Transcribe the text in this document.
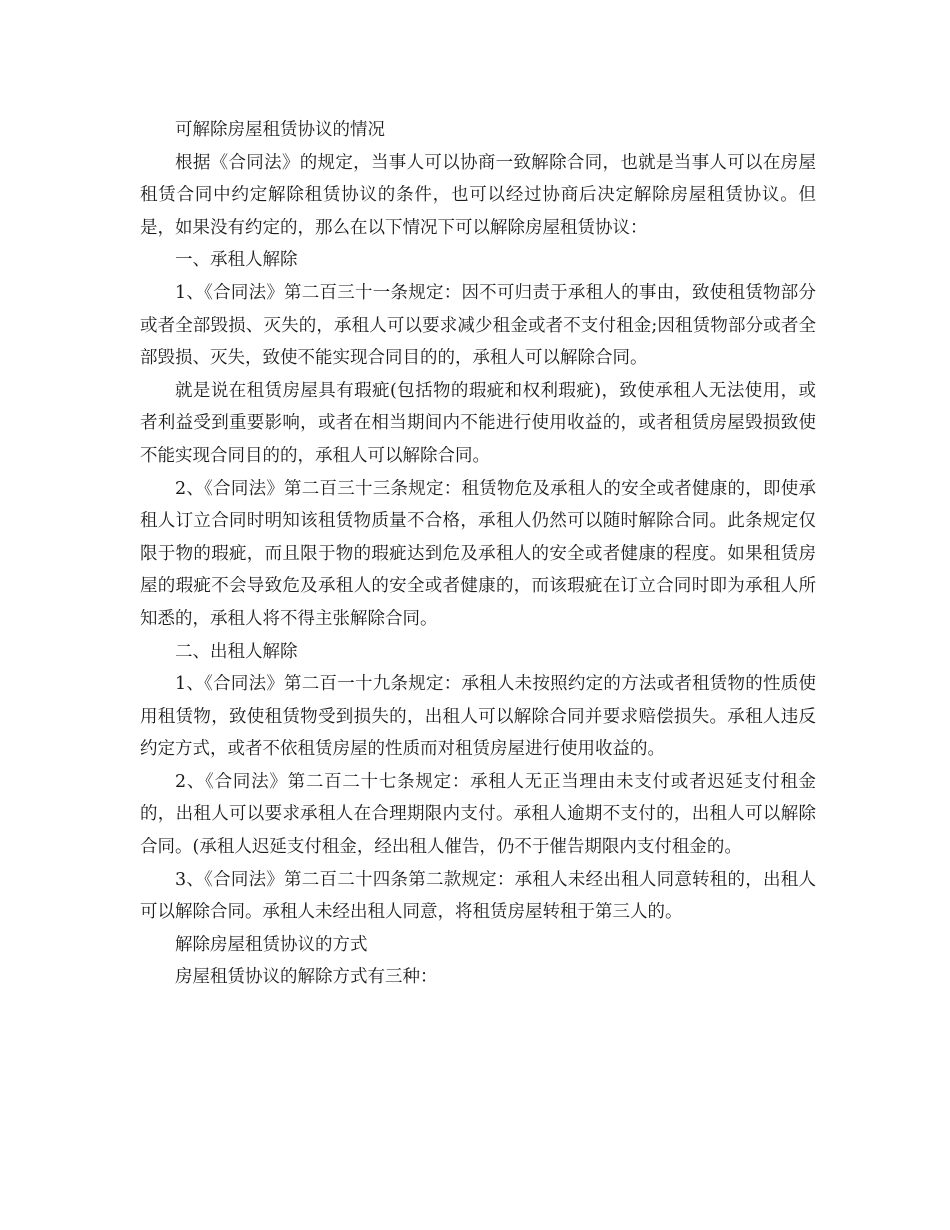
可解除房屋租赁协议的情况

根据《合同法》的规定，当事人可以协商一致解除合同，也就是当事人可以在房屋租赁合同中约定解除租赁协议的条件，也可以经过协商后决定解除房屋租赁协议。但是，如果没有约定的，那么在以下情况下可以解除房屋租赁协议：

一、承租人解除

1、《合同法》第二百三十一条规定：因不可归责于承租人的事由，致使租赁物部分或者全部毁损、灭失的，承租人可以要求减少租金或者不支付租金;因租赁物部分或者全部毁损、灭失，致使不能实现合同目的的，承租人可以解除合同。

就是说在租赁房屋具有瑕疵(包括物的瑕疵和权利瑕疵)，致使承租人无法使用，或者利益受到重要影响，或者在相当期间内不能进行使用收益的，或者租赁房屋毁损致使不能实现合同目的的，承租人可以解除合同。

2、《合同法》第二百三十三条规定：租赁物危及承租人的安全或者健康的，即使承租人订立合同时明知该租赁物质量不合格，承租人仍然可以随时解除合同。此条规定仅限于物的瑕疵，而且限于物的瑕疵达到危及承租人的安全或者健康的程度。如果租赁房屋的瑕疵不会导致危及承租人的安全或者健康的，而该瑕疵在订立合同时即为承租人所知悉的，承租人将不得主张解除合同。

二、出租人解除

1、《合同法》第二百一十九条规定：承租人未按照约定的方法或者租赁物的性质使用租赁物，致使租赁物受到损失的，出租人可以解除合同并要求赔偿损失。承租人违反约定方式，或者不依租赁房屋的性质而对租赁房屋进行使用收益的。

2、《合同法》第二百二十七条规定：承租人无正当理由未支付或者迟延支付租金的，出租人可以要求承租人在合理期限内支付。承租人逾期不支付的，出租人可以解除合同。(承租人迟延支付租金，经出租人催告，仍不于催告期限内支付租金的。

3、《合同法》第二百二十四条第二款规定：承租人未经出租人同意转租的，出租人可以解除合同。承租人未经出租人同意，将租赁房屋转租于第三人的。

解除房屋租赁协议的方式

房屋租赁协议的解除方式有三种：
